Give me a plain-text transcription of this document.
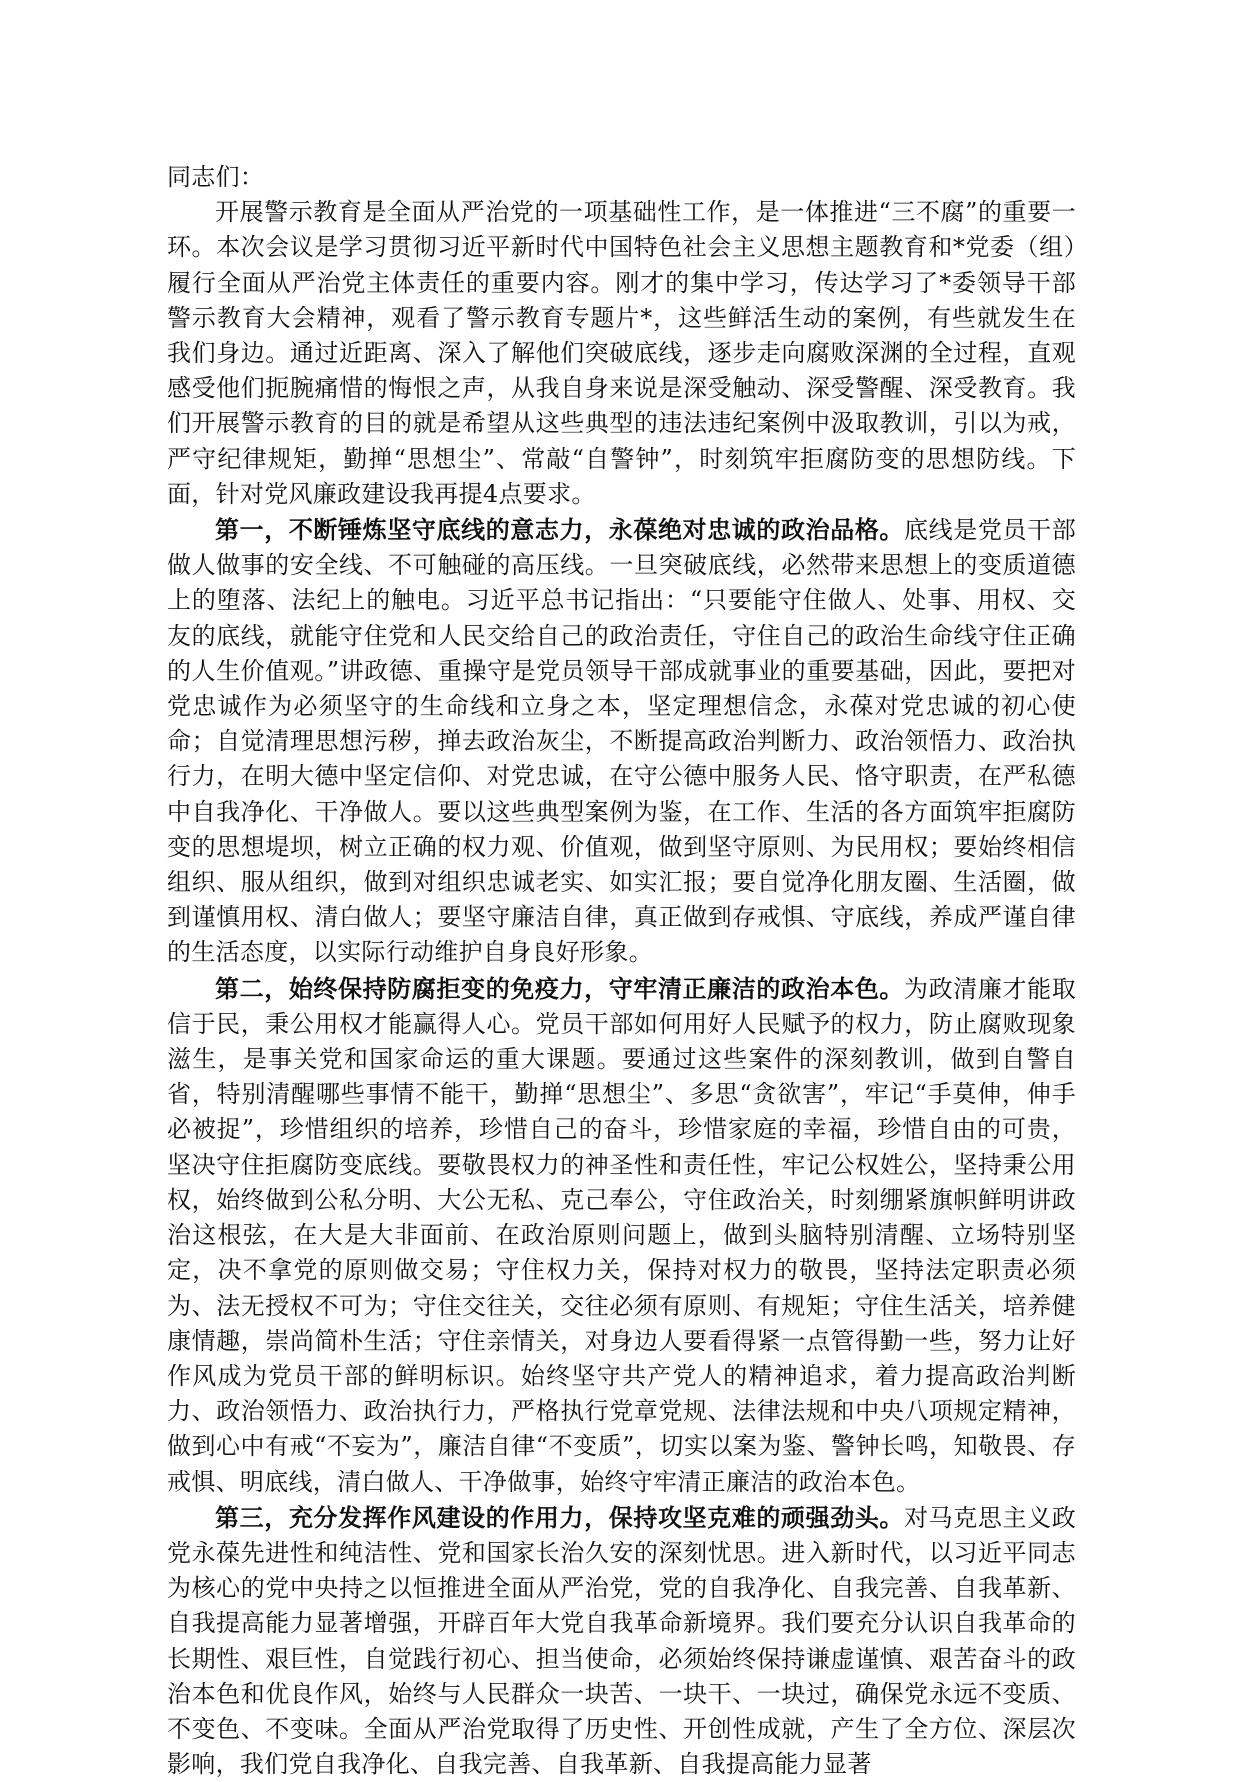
同志们：

开展警示教育是全面从严治党的一项基础性工作，是一体推进“三不腐”的重要一环。本次会议是学习贯彻习近平新时代中国特色社会主义思想主题教育和*党委（组）履行全面从严治党主体责任的重要内容。刚才的集中学习，传达学习了*委领导干部警示教育大会精神，观看了警示教育专题片*，这些鲜活生动的案例，有些就发生在我们身边。通过近距离、深入了解他们突破底线，逐步走向腐败深渊的全过程，直观感受他们扼腕痛惜的悔恨之声，从我自身来说是深受触动、深受警醒、深受教育。我们开展警示教育的目的就是希望从这些典型的违法违纪案例中汲取教训，引以为戒，严守纪律规矩，勤掸“思想尘”、常敲“自警钟”，时刻筑牢拒腐防变的思想防线。下面，针对党风廉政建设我再提4点要求。

第一，不断锤炼坚守底线的意志力，永葆绝对忠诚的政治品格。底线是党员干部做人做事的安全线、不可触碰的高压线。一旦突破底线，必然带来思想上的变质道德上的堕落、法纪上的触电。习近平总书记指出：“只要能守住做人、处事、用权、交友的底线，就能守住党和人民交给自己的政治责任，守住自己的政治生命线守住正确的人生价值观。”讲政德、重操守是党员领导干部成就事业的重要基础，因此，要把对党忠诚作为必须坚守的生命线和立身之本，坚定理想信念，永葆对党忠诚的初心使命；自觉清理思想污秽，掸去政治灰尘，不断提高政治判断力、政治领悟力、政治执行力，在明大德中坚定信仰、对党忠诚，在守公德中服务人民、恪守职责，在严私德中自我净化、干净做人。要以这些典型案例为鉴，在工作、生活的各方面筑牢拒腐防变的思想堤坝，树立正确的权力观、价值观，做到坚守原则、为民用权；要始终相信组织、服从组织，做到对组织忠诚老实、如实汇报；要自觉净化朋友圈、生活圈，做到谨慎用权、清白做人；要坚守廉洁自律，真正做到存戒惧、守底线，养成严谨自律的生活态度，以实际行动维护自身良好形象。

第二，始终保持防腐拒变的免疫力，守牢清正廉洁的政治本色。为政清廉才能取信于民，秉公用权才能赢得人心。党员干部如何用好人民赋予的权力，防止腐败现象滋生，是事关党和国家命运的重大课题。要通过这些案件的深刻教训，做到自警自省，特别清醒哪些事情不能干，勤掸“思想尘”、多思“贪欲害”，牢记“手莫伸，伸手必被捉”，珍惜组织的培养，珍惜自己的奋斗，珍惜家庭的幸福，珍惜自由的可贵，坚决守住拒腐防变底线。要敬畏权力的神圣性和责任性，牢记公权姓公，坚持秉公用权，始终做到公私分明、大公无私、克己奉公，守住政治关，时刻绷紧旗帜鲜明讲政治这根弦，在大是大非面前、在政治原则问题上，做到头脑特别清醒、立场特别坚定，决不拿党的原则做交易；守住权力关，保持对权力的敬畏，坚持法定职责必须为、法无授权不可为；守住交往关，交往必须有原则、有规矩；守住生活关，培养健康情趣，崇尚简朴生活；守住亲情关，对身边人要看得紧一点管得勤一些，努力让好作风成为党员干部的鲜明标识。始终坚守共产党人的精神追求，着力提高政治判断力、政治领悟力、政治执行力，严格执行党章党规、法律法规和中央八项规定精神，做到心中有戒“不妄为”，廉洁自律“不变质”，切实以案为鉴、警钟长鸣，知敬畏、存戒惧、明底线，清白做人、干净做事，始终守牢清正廉洁的政治本色。

第三，充分发挥作风建设的作用力，保持攻坚克难的顽强劲头。对马克思主义政党永葆先进性和纯洁性、党和国家长治久安的深刻忧思。进入新时代，以习近平同志为核心的党中央持之以恒推进全面从严治党，党的自我净化、自我完善、自我革新、自我提高能力显著增强，开辟百年大党自我革命新境界。我们要充分认识自我革命的长期性、艰巨性，自觉践行初心、担当使命，必须始终保持谦虚谨慎、艰苦奋斗的政治本色和优良作风，始终与人民群众一块苦、一块干、一块过，确保党永远不变质、不变色、不变味。全面从严治党取得了历史性、开创性成就，产生了全方位、深层次影响，我们党自我净化、自我完善、自我革新、自我提高能力显著
